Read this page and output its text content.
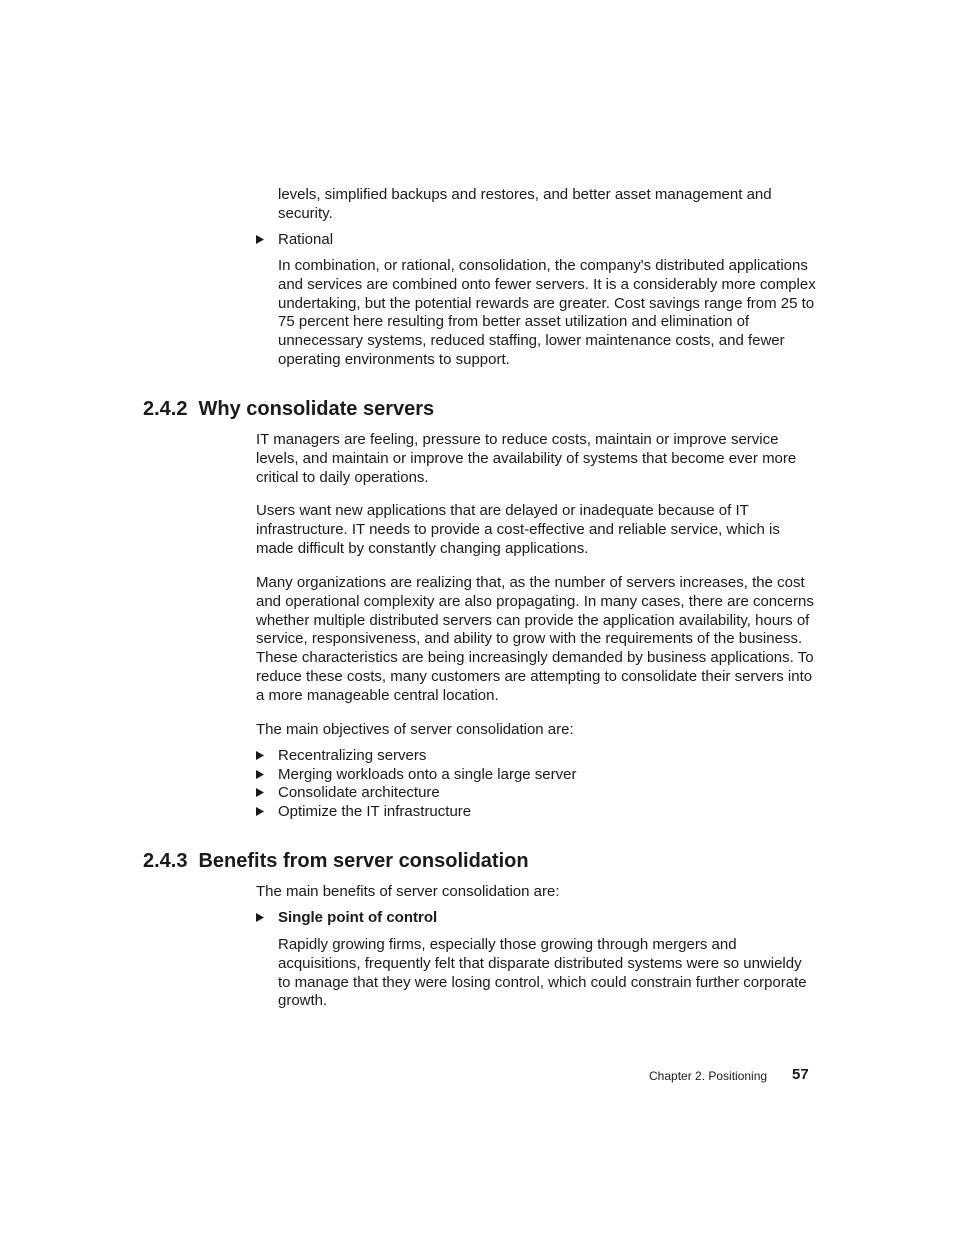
levels, simplified backups and restores, and better asset management and security.

Rational

In combination, or rational, consolidation, the company's distributed applications and services are combined onto fewer servers. It is a considerably more complex undertaking, but the potential rewards are greater. Cost savings range from 25 to 75 percent here resulting from better asset utilization and elimination of unnecessary systems, reduced staffing, lower maintenance costs, and fewer operating environments to support.

2.4.2 Why consolidate servers

IT managers are feeling, pressure to reduce costs, maintain or improve service levels, and maintain or improve the availability of systems that become ever more critical to daily operations.

Users want new applications that are delayed or inadequate because of IT infrastructure. IT needs to provide a cost-effective and reliable service, which is made difficult by constantly changing applications.

Many organizations are realizing that, as the number of servers increases, the cost and operational complexity are also propagating. In many cases, there are concerns whether multiple distributed servers can provide the application availability, hours of service, responsiveness, and ability to grow with the requirements of the business. These characteristics are being increasingly demanded by business applications. To reduce these costs, many customers are attempting to consolidate their servers into a more manageable central location.

The main objectives of server consolidation are:

Recentralizing servers

Merging workloads onto a single large server

Consolidate architecture

Optimize the IT infrastructure

2.4.3 Benefits from server consolidation

The main benefits of server consolidation are:

Single point of control

Rapidly growing firms, especially those growing through mergers and acquisitions, frequently felt that disparate distributed systems were so unwieldy to manage that they were losing control, which could constrain further corporate growth.

Chapter 2. Positioning 57
